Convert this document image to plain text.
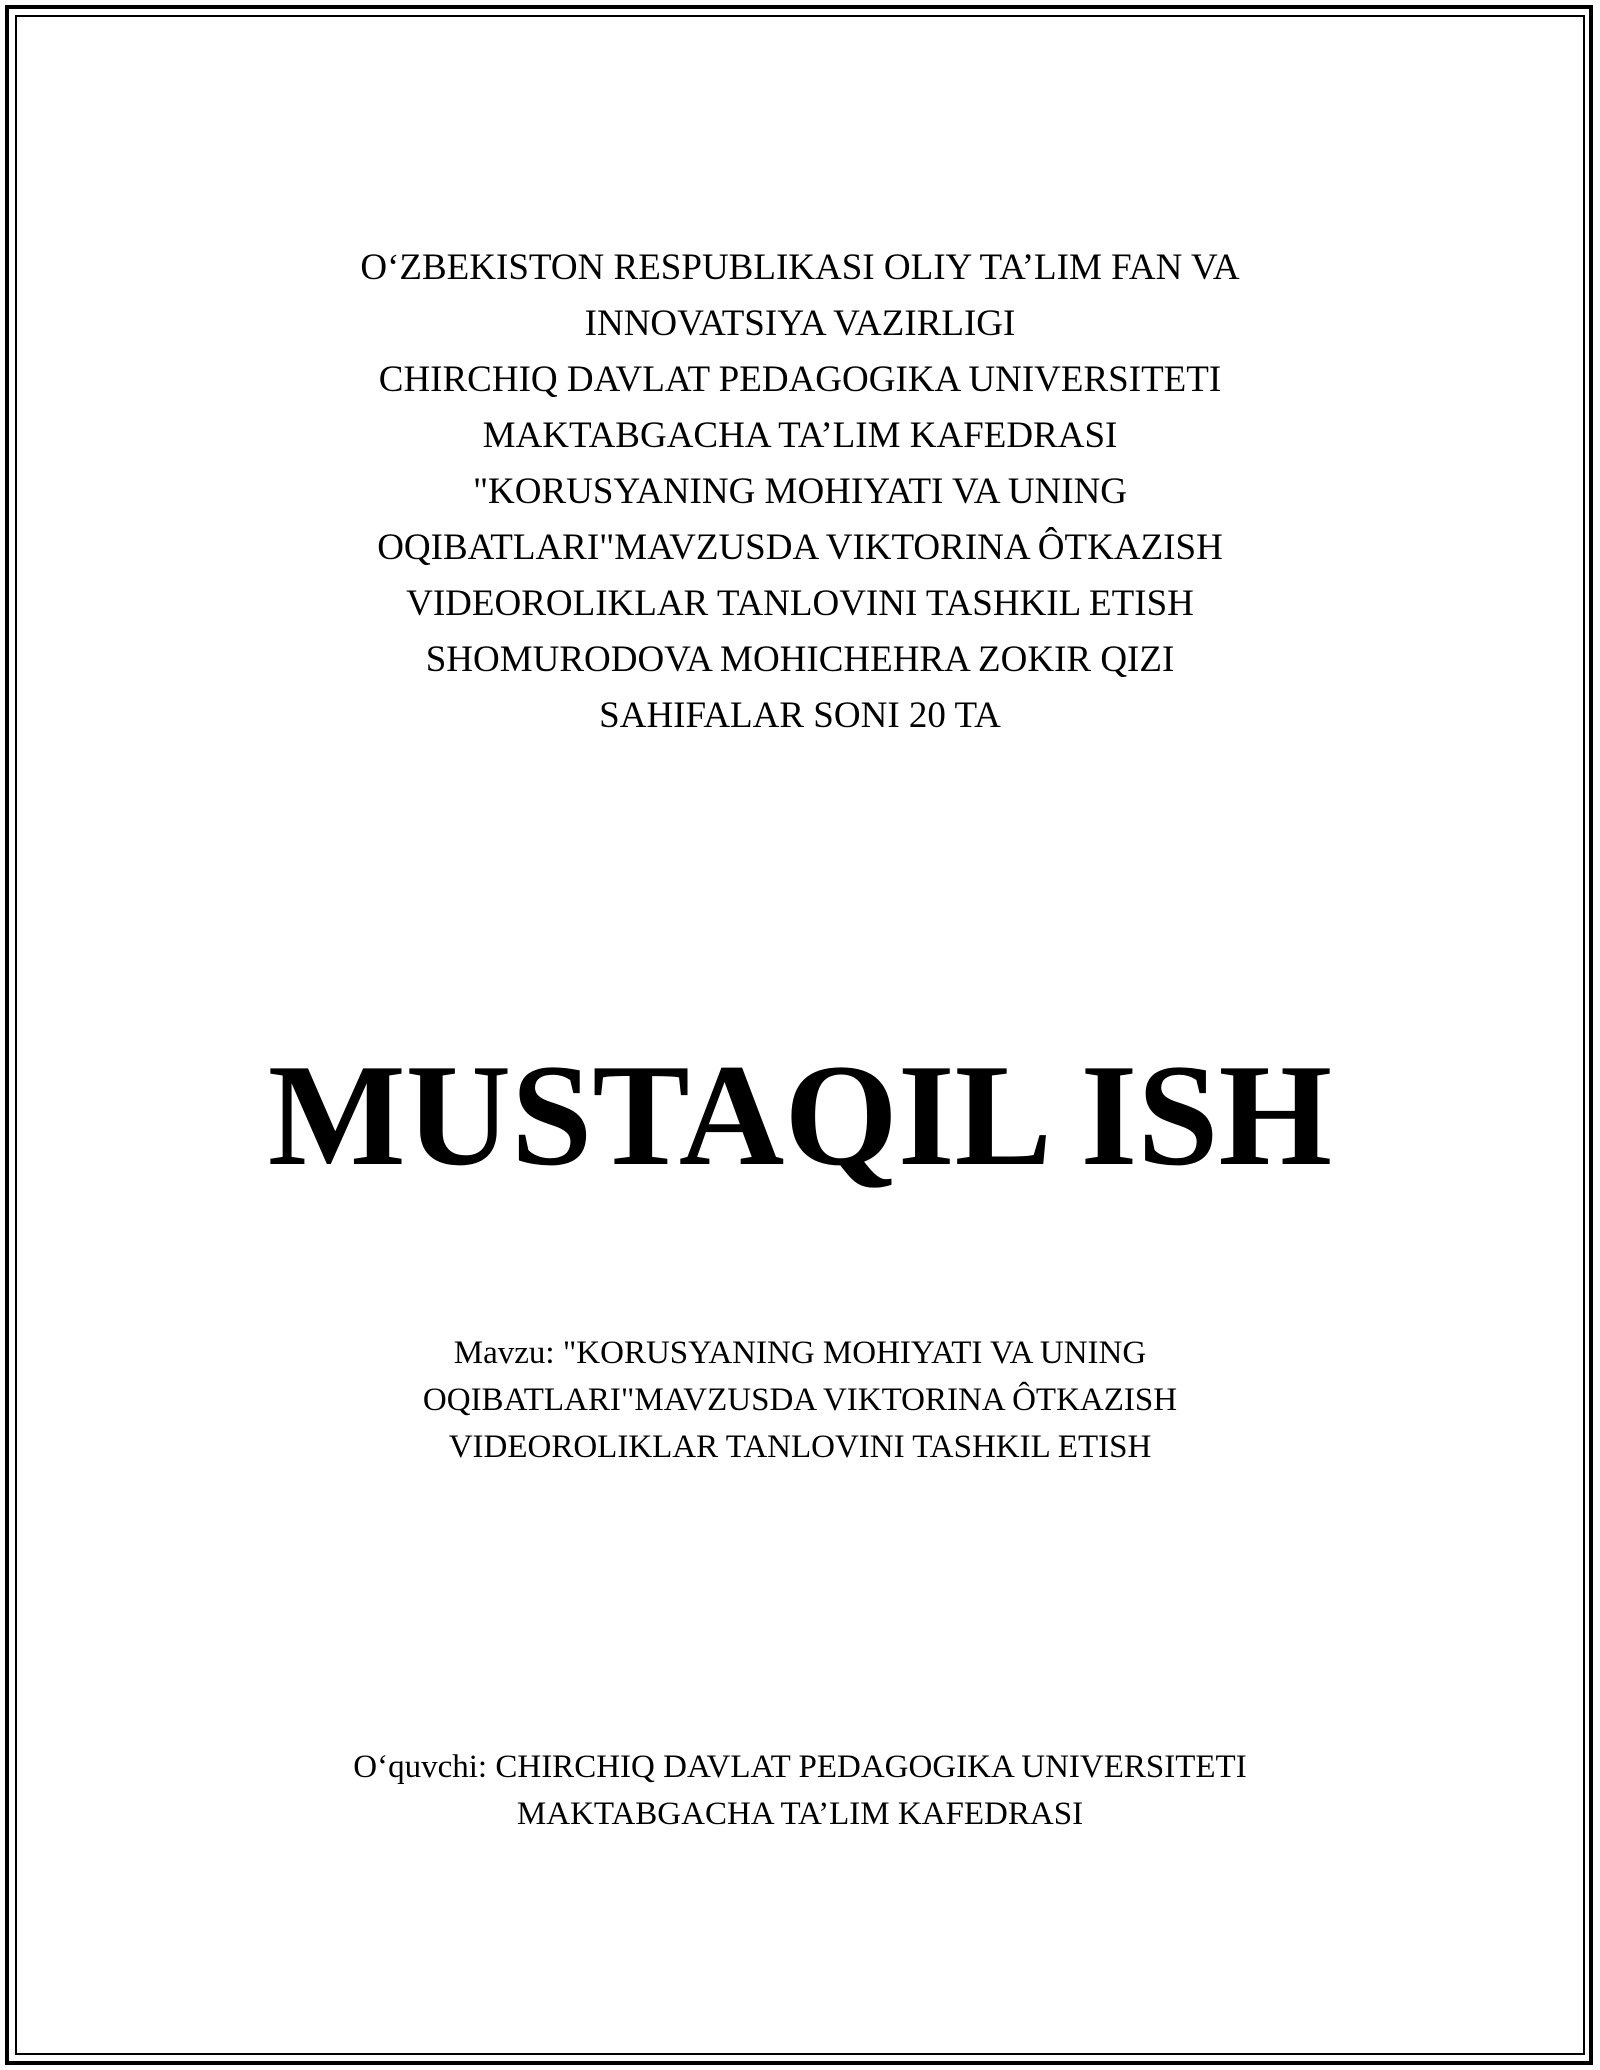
O‘ZBEKISTON RESPUBLIKASI OLIY TA’LIM FAN VA
INNOVATSIYA VAZIRLIGI
CHIRCHIQ DAVLAT PEDAGOGIKA UNIVERSITETI
MAKTABGACHA TA’LIM KAFEDRASI
"KORUSYANING MOHIYATI VA UNING
OQIBATLARI"MAVZUSDA VIKTORINA ÔTKAZISH
VIDEOROLIKLAR TANLOVINI TASHKIL ETISH
SHOMURODOVA MOHICHEHRA ZOKIR QIZI
SAHIFALAR SONI 20 TA
MUSTAQIL ISH
Mavzu: "KORUSYANING MOHIYATI VA UNING
OQIBATLARI"MAVZUSDA VIKTORINA ÔTKAZISH
VIDEOROLIKLAR TANLOVINI TASHKIL ETISH
O‘quvchi: CHIRCHIQ DAVLAT PEDAGOGIKA UNIVERSITETI
MAKTABGACHA TA’LIM KAFEDRASI
